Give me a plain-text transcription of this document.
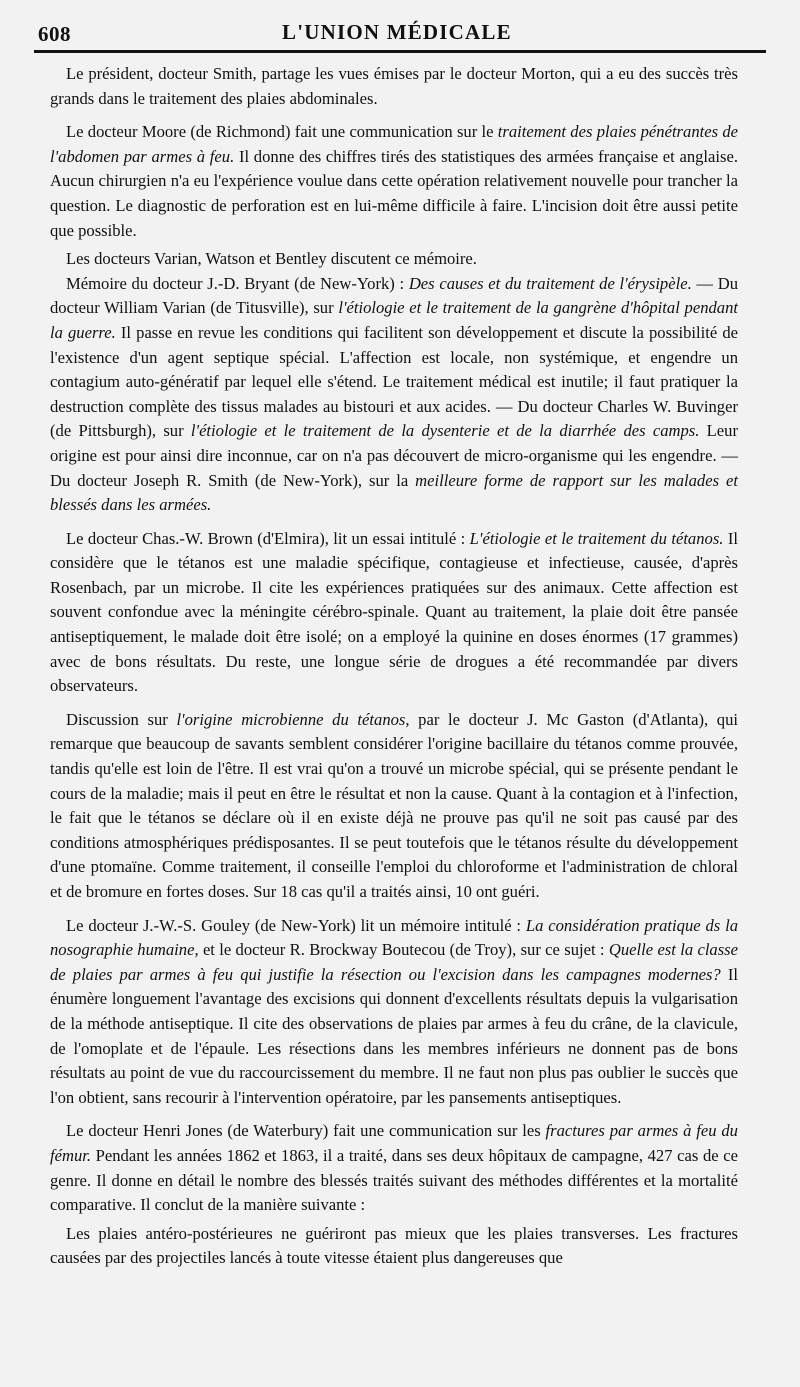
608	L'UNION MÉDICALE

Le président, docteur Smith, partage les vues émises par le docteur Morton, qui a eu des succès très grands dans le traitement des plaies abdominales.

Le docteur Moore (de Richmond) fait une communication sur le traitement des plaies pénétrantes de l'abdomen par armes à feu. Il donne des chiffres tirés des statistiques des armées française et anglaise. Aucun chirurgien n'a eu l'expérience voulue dans cette opération relativement nouvelle pour trancher la question. Le diagnostic de perforation est en lui-même difficile à faire. L'incision doit être aussi petite que possible.

Les docteurs Varian, Watson et Bentley discutent ce mémoire.

Mémoire du docteur J.-D. Bryant (de New-York) : Des causes et du traitement de l'érysipèle. — Du docteur William Varian (de Titusville), sur l'étiologie et le traitement de la gangrène d'hôpital pendant la guerre. Il passe en revue les conditions qui facilitent son développement et discute la possibilité de l'existence d'un agent septique spécial. L'affection est locale, non systémique, et engendre un contagium auto-génératif par lequel elle s'étend. Le traitement médical est inutile; il faut pratiquer la destruction complète des tissus malades au bistouri et aux acides. — Du docteur Charles W. Buvinger (de Pittsburgh), sur l'étiologie et le traitement de la dysenterie et de la diarrhée des camps. Leur origine est pour ainsi dire inconnue, car on n'a pas découvert de micro-organisme qui les engendre. — Du docteur Joseph R. Smith (de New-York), sur la meilleure forme de rapport sur les malades et blessés dans les armées.

Le docteur Chas.-W. Brown (d'Elmira), lit un essai intitulé : L'étiologie et le traitement du tétanos. Il considère que le tétanos est une maladie spécifique, contagieuse et infectieuse, causée, d'après Rosenbach, par un microbe. Il cite les expériences pratiquées sur des animaux. Cette affection est souvent confondue avec la méningite cérébro-spinale. Quant au traitement, la plaie doit être pansée antiseptiquement, le malade doit être isolé; on a employé la quinine en doses énormes (17 grammes) avec de bons résultats. Du reste, une longue série de drogues a été recommandée par divers observateurs.

Discussion sur l'origine microbienne du tétanos, par le docteur J. Mc Gaston (d'Atlanta), qui remarque que beaucoup de savants semblent considérer l'origine bacillaire du tétanos comme prouvée, tandis qu'elle est loin de l'être. Il est vrai qu'on a trouvé un microbe spécial, qui se présente pendant le cours de la maladie; mais il peut en être le résultat et non la cause. Quant à la contagion et à l'infection, le fait que le tétanos se déclare où il en existe déjà ne prouve pas qu'il ne soit pas causé par des conditions atmosphériques prédisposantes. Il se peut toutefois que le tétanos résulte du développement d'une ptomaïne. Comme traitement, il conseille l'emploi du chloroforme et l'administration de chloral et de bromure en fortes doses. Sur 18 cas qu'il a traités ainsi, 10 ont guéri.

Le docteur J.-W.-S. Gouley (de New-York) lit un mémoire intitulé : La considération pratique ds la nosographie humaine, et le docteur R. Brockway Boutecou (de Troy), sur ce sujet : Quelle est la classe de plaies par armes à feu qui justifie la résection ou l'excision dans les campagnes modernes? Il énumère longuement l'avantage des excisions qui donnent d'excellents résultats depuis la vulgarisation de la méthode antiseptique. Il cite des observations de plaies par armes à feu du crâne, de la clavicule, de l'omoplate et de l'épaule. Les résections dans les membres inférieurs ne donnent pas de bons résultats au point de vue du raccourcissement du membre. Il ne faut non plus pas oublier le succès que l'on obtient, sans recourir à l'intervention opératoire, par les pansements antiseptiques.

Le docteur Henri Jones (de Waterbury) fait une communication sur les fractures par armes à feu du fémur. Pendant les années 1862 et 1863, il a traité, dans ses deux hôpitaux de campagne, 427 cas de ce genre. Il donne en détail le nombre des blessés traités suivant des méthodes différentes et la mortalité comparative. Il conclut de la manière suivante :

Les plaies antéro-postérieures ne guériront pas mieux que les plaies transverses. Les fractures causées par des projectiles lancés à toute vitesse étaient plus dangereuses que
